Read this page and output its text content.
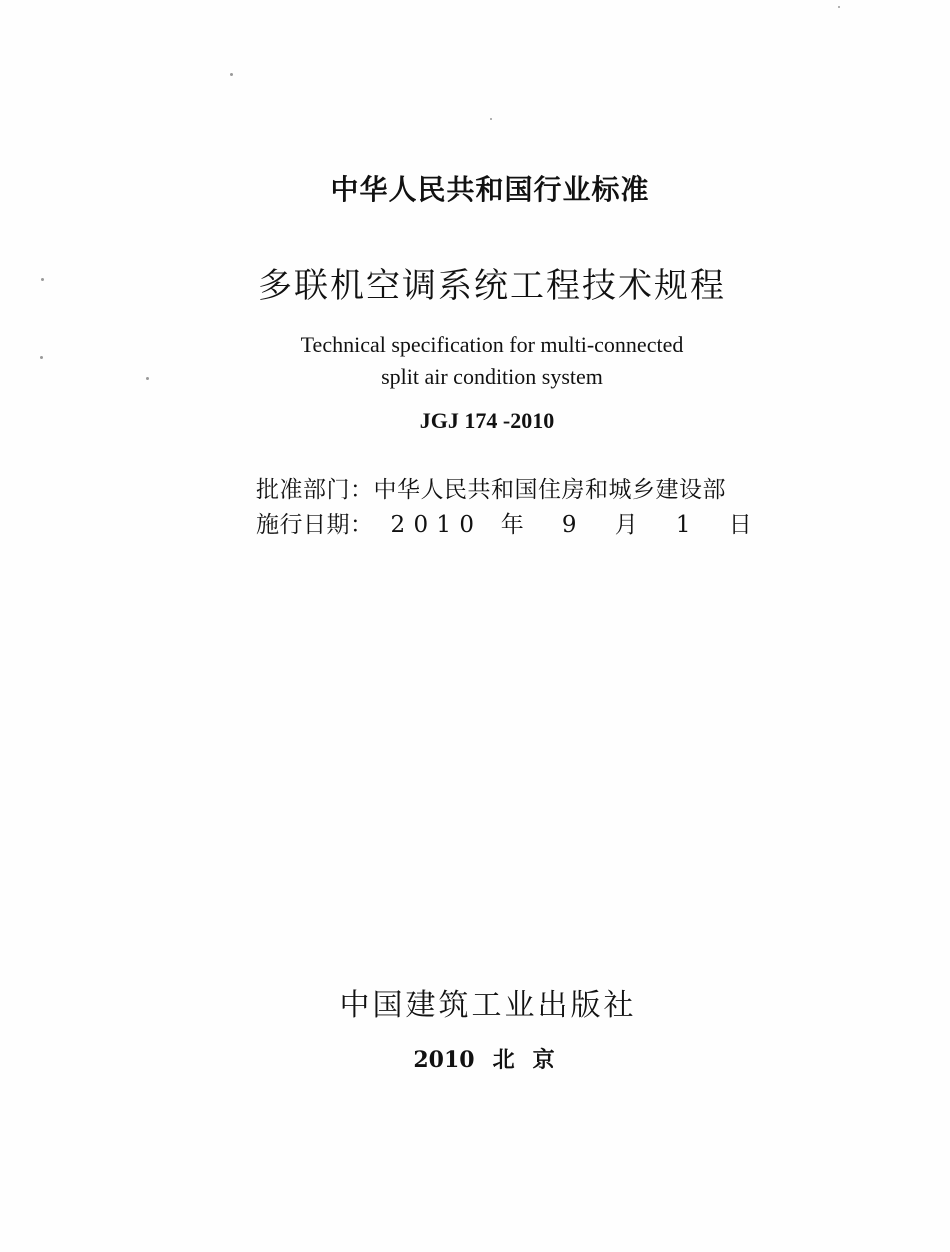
中华人民共和国行业标准
多联机空调系统工程技术规程
Technical specification for multi-connected
split air condition system
JGJ 174 -2010
批准部门：中华人民共和国住房和城乡建设部
施行日期： 2 0 1 0 年 9 月 1 日
中国建筑工业出版社
2010 北京
